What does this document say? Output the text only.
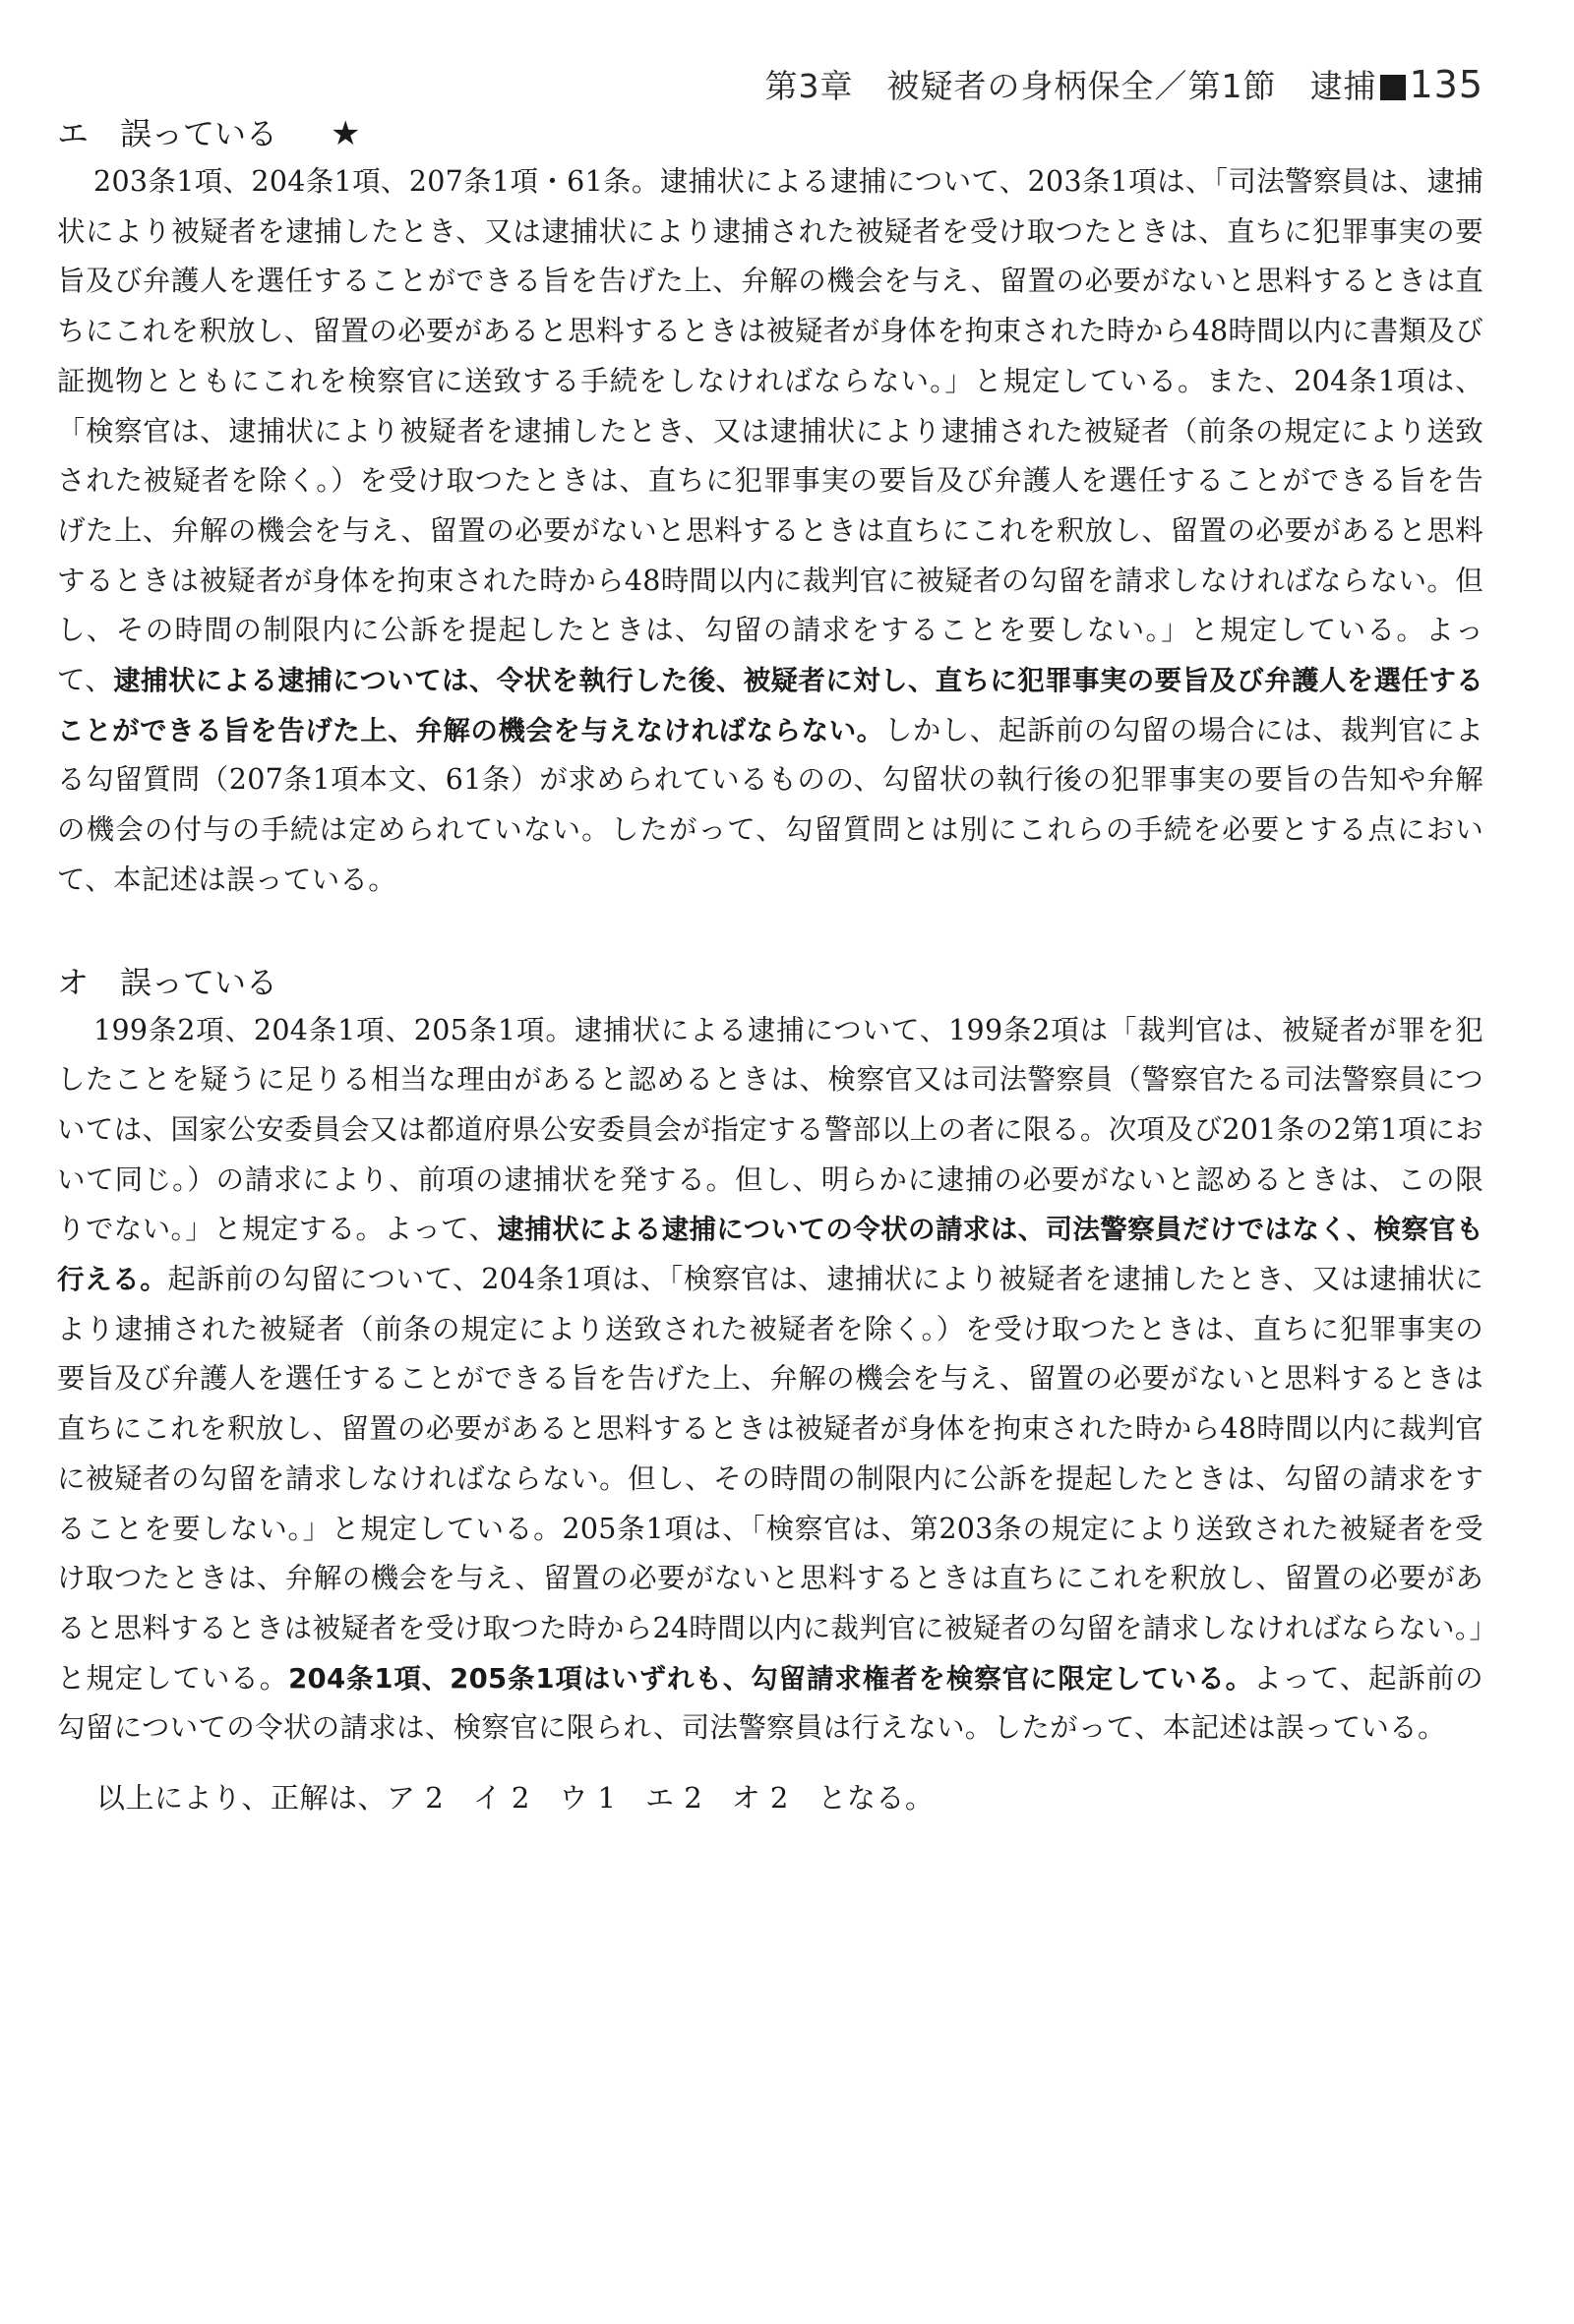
第3章　被疑者の身柄保全／第1節　逮捕 135
エ　誤っている ★

203条1項、204条1項、207条1項・61条。逮捕状による逮捕について、203条1項は、「司法警察員は、逮捕状により被疑者を逮捕したとき、又は逮捕状により逮捕された被疑者を受け取つたときは、直ちに犯罪事実の要旨及び弁護人を選任することができる旨を告げた上、弁解の機会を与え、留置の必要がないと思料するときは直ちにこれを釈放し、留置の必要があると思料するときは被疑者が身体を拘束された時から48時間以内に書類及び証拠物とともにこれを検察官に送致する手続をしなければならない。」と規定している。また、204条1項は、「検察官は、逮捕状により被疑者を逮捕したとき、又は逮捕状により逮捕された被疑者（前条の規定により送致された被疑者を除く。）を受け取つたときは、直ちに犯罪事実の要旨及び弁護人を選任することができる旨を告げた上、弁解の機会を与え、留置の必要がないと思料するときは直ちにこれを釈放し、留置の必要があると思料するときは被疑者が身体を拘束された時から48時間以内に裁判官に被疑者の勾留を請求しなければならない。但し、その時間の制限内に公訴を提起したときは、勾留の請求をすることを要しない。」と規定している。よって、逮捕状による逮捕については、令状を執行した後、被疑者に対し、直ちに犯罪事実の要旨及び弁護人を選任することができる旨を告げた上、弁解の機会を与えなければならない。しかし、起訴前の勾留の場合には、裁判官による勾留質問（207条1項本文、61条）が求められているものの、勾留状の執行後の犯罪事実の要旨の告知や弁解の機会の付与の手続は定められていない。したがって、勾留質問とは別にこれらの手続を必要とする点において、本記述は誤っている。

オ　誤っている

199条2項、204条1項、205条1項。逮捕状による逮捕について、199条2項は「裁判官は、被疑者が罪を犯したことを疑うに足りる相当な理由があると認めるときは、検察官又は司法警察員（警察官たる司法警察員については、国家公安委員会又は都道府県公安委員会が指定する警部以上の者に限る。次項及び201条の2第1項において同じ。）の請求により、前項の逮捕状を発する。但し、明らかに逮捕の必要がないと認めるときは、この限りでない。」と規定する。よって、逮捕状による逮捕についての令状の請求は、司法警察員だけではなく、検察官も行える。起訴前の勾留について、204条1項は、「検察官は、逮捕状により被疑者を逮捕したとき、又は逮捕状により逮捕された被疑者（前条の規定により送致された被疑者を除く。）を受け取つたときは、直ちに犯罪事実の要旨及び弁護人を選任することができる旨を告げた上、弁解の機会を与え、留置の必要がないと思料するときは直ちにこれを釈放し、留置の必要があると思料するときは被疑者が身体を拘束された時から48時間以内に裁判官に被疑者の勾留を請求しなければならない。但し、その時間の制限内に公訴を提起したときは、勾留の請求をすることを要しない。」と規定している。205条1項は、「検察官は、第203条の規定により送致された被疑者を受け取つたときは、弁解の機会を与え、留置の必要がないと思料するときは直ちにこれを釈放し、留置の必要があると思料するときは被疑者を受け取つた時から24時間以内に裁判官に被疑者の勾留を請求しなければならない。」と規定している。204条1項、205条1項はいずれも、勾留請求権者を検察官に限定している。よって、起訴前の勾留についての令状の請求は、検察官に限られ、司法警察員は行えない。したがって、本記述は誤っている。

以上により、正解は、ア 2　イ 2　ウ 1　エ 2　オ 2　となる。
